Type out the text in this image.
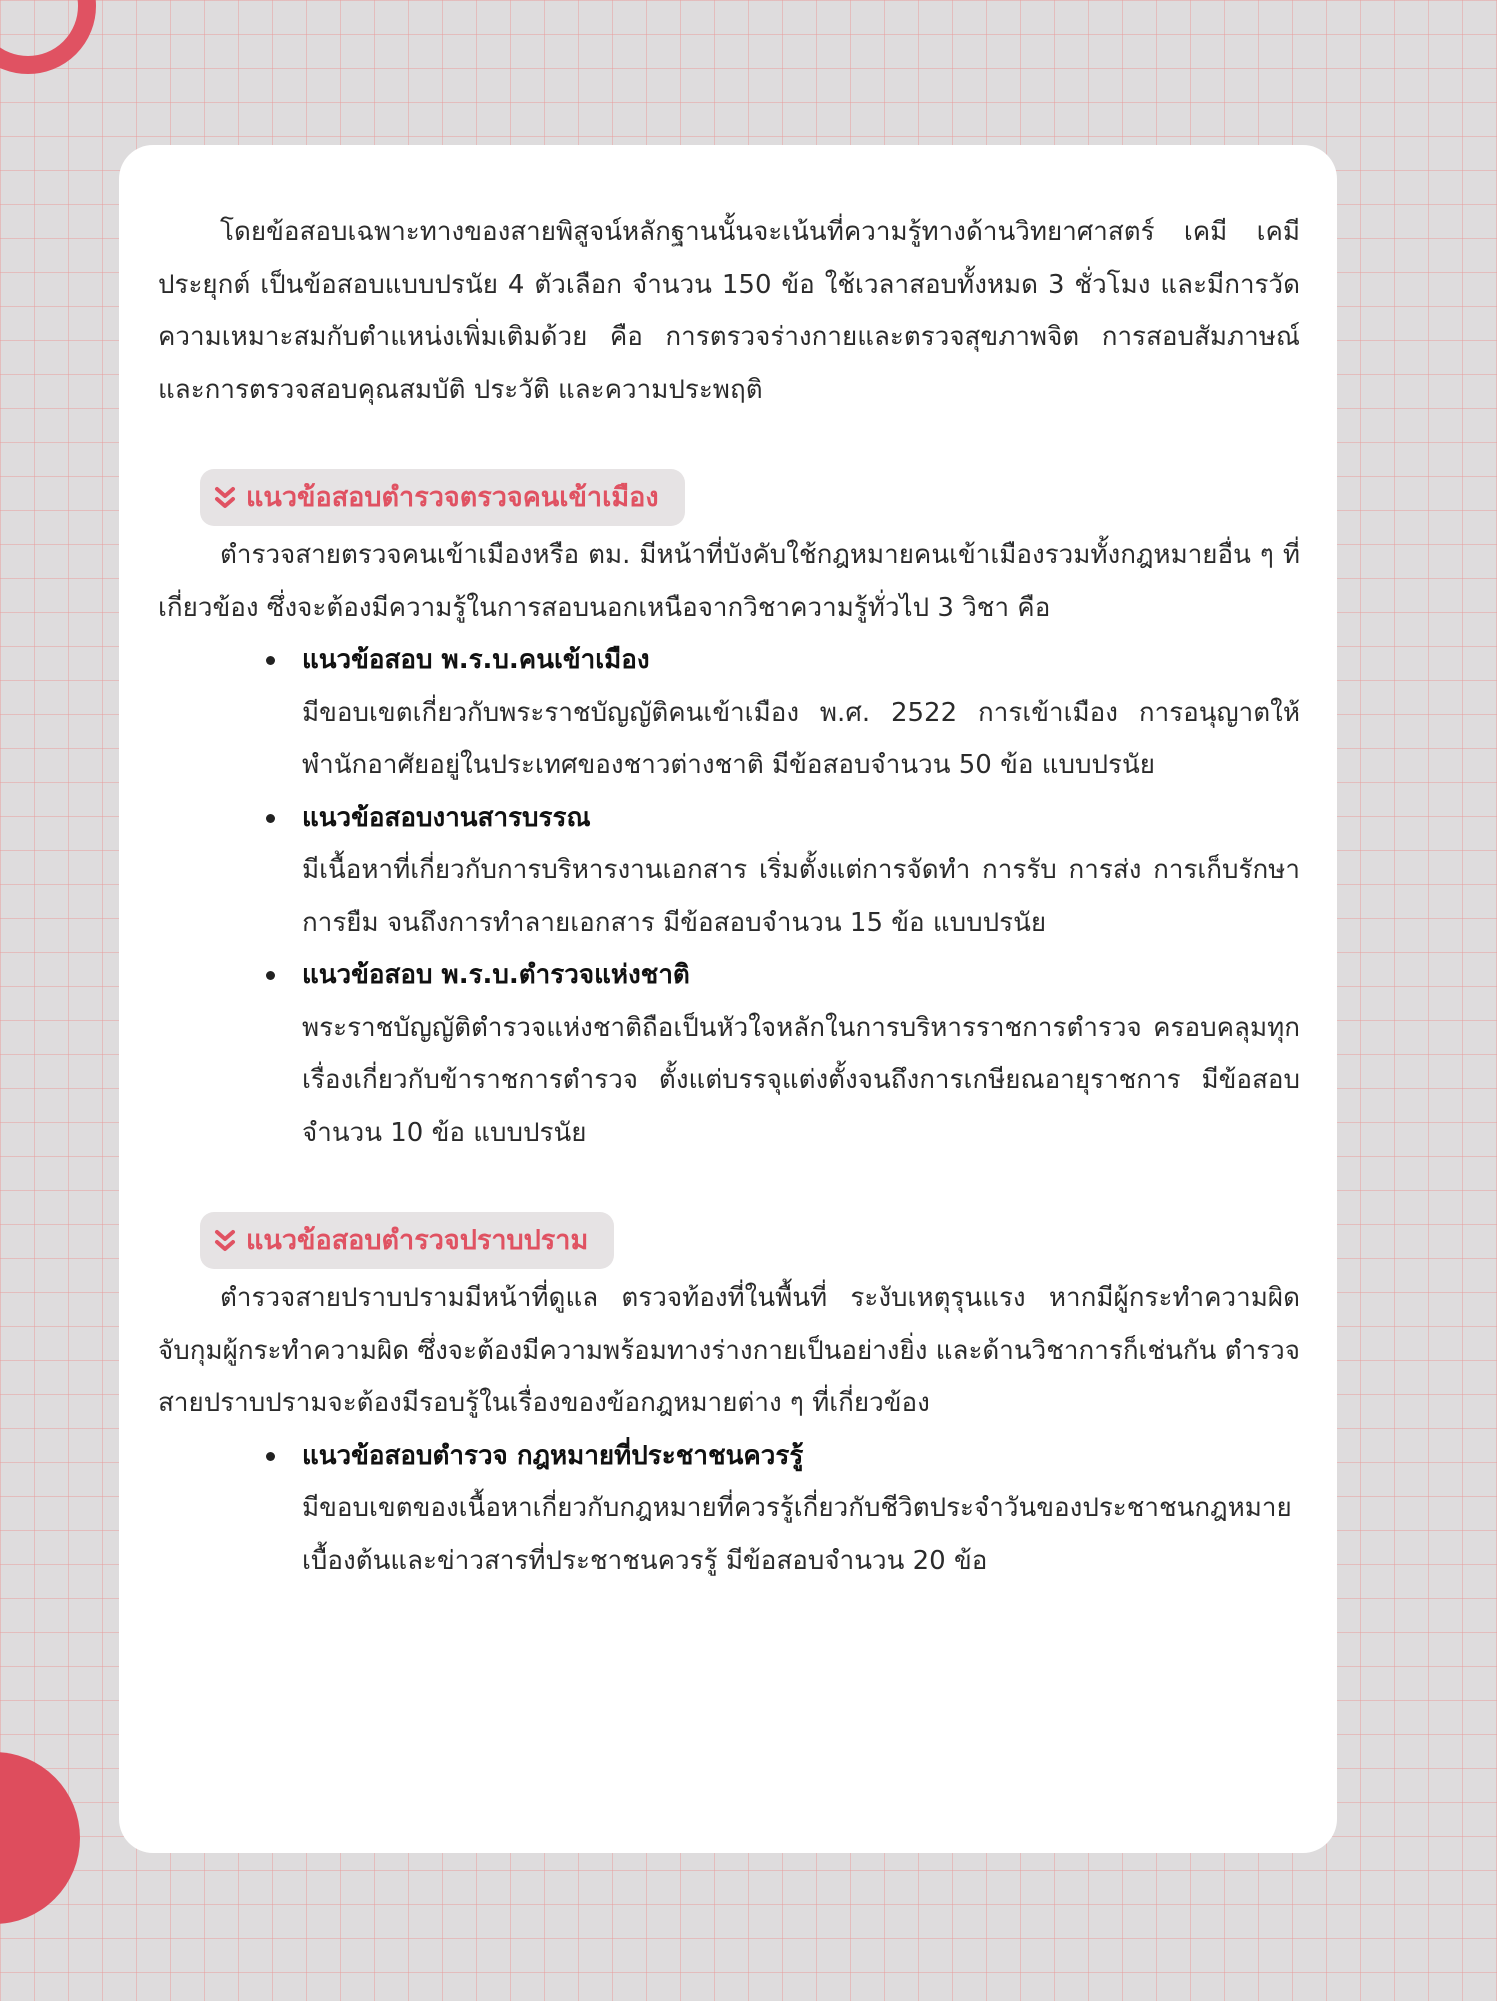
โดยข้อสอบเฉพาะทางของสายพิสูจน์หลักฐานนั้นจะเน้นที่ความรู้ทางด้านวิทยาศาสตร์ เคมี เคมีประยุกต์ เป็นข้อสอบแบบปรนัย 4 ตัวเลือก จำนวน 150 ข้อ ใช้เวลาสอบทั้งหมด 3 ชั่วโมง และมีการวัดความเหมาะสมกับตำแหน่งเพิ่มเติมด้วย คือ การตรวจร่างกายและตรวจสุขภาพจิต การสอบสัมภาษณ์ และการตรวจสอบคุณสมบัติ ประวัติ และความประพฤติ

แนวข้อสอบตำรวจตรวจคนเข้าเมือง

ตำรวจสายตรวจคนเข้าเมืองหรือ ตม. มีหน้าที่บังคับใช้กฎหมายคนเข้าเมืองรวมทั้งกฎหมายอื่น ๆ ที่เกี่ยวข้อง ซึ่งจะต้องมีความรู้ในการสอบนอกเหนือจากวิชาความรู้ทั่วไป 3 วิชา คือ

แนวข้อสอบ พ.ร.บ.คนเข้าเมือง

มีขอบเขตเกี่ยวกับพระราชบัญญัติคนเข้าเมือง พ.ศ. 2522 การเข้าเมือง การอนุญาตให้พำนักอาศัยอยู่ในประเทศของชาวต่างชาติ มีข้อสอบจำนวน 50 ข้อ แบบปรนัย

แนวข้อสอบงานสารบรรณ

มีเนื้อหาที่เกี่ยวกับการบริหารงานเอกสาร เริ่มตั้งแต่การจัดทำ การรับ การส่ง การเก็บรักษา การยืม จนถึงการทำลายเอกสาร มีข้อสอบจำนวน 15 ข้อ แบบปรนัย

แนวข้อสอบ พ.ร.บ.ตำรวจแห่งชาติ

พระราชบัญญัติตำรวจแห่งชาติถือเป็นหัวใจหลักในการบริหารราชการตำรวจ ครอบคลุมทุกเรื่องเกี่ยวกับข้าราชการตำรวจ ตั้งแต่บรรจุแต่งตั้งจนถึงการเกษียณอายุราชการ มีข้อสอบจำนวน 10 ข้อ แบบปรนัย

แนวข้อสอบตำรวจปราบปราม

ตำรวจสายปราบปรามมีหน้าที่ดูแล ตรวจท้องที่ในพื้นที่ ระงับเหตุรุนแรง หากมีผู้กระทำความผิด จับกุมผู้กระทำความผิด ซึ่งจะต้องมีความพร้อมทางร่างกายเป็นอย่างยิ่ง และด้านวิชาการก็เช่นกัน ตำรวจสายปราบปรามจะต้องมีรอบรู้ในเรื่องของข้อกฎหมายต่าง ๆ ที่เกี่ยวข้อง

แนวข้อสอบตำรวจ กฎหมายที่ประชาชนควรรู้

มีขอบเขตของเนื้อหาเกี่ยวกับกฎหมายที่ควรรู้เกี่ยวกับชีวิตประจำวันของประชาชนกฎหมายเบื้องต้นและข่าวสารที่ประชาชนควรรู้ มีข้อสอบจำนวน 20 ข้อ
